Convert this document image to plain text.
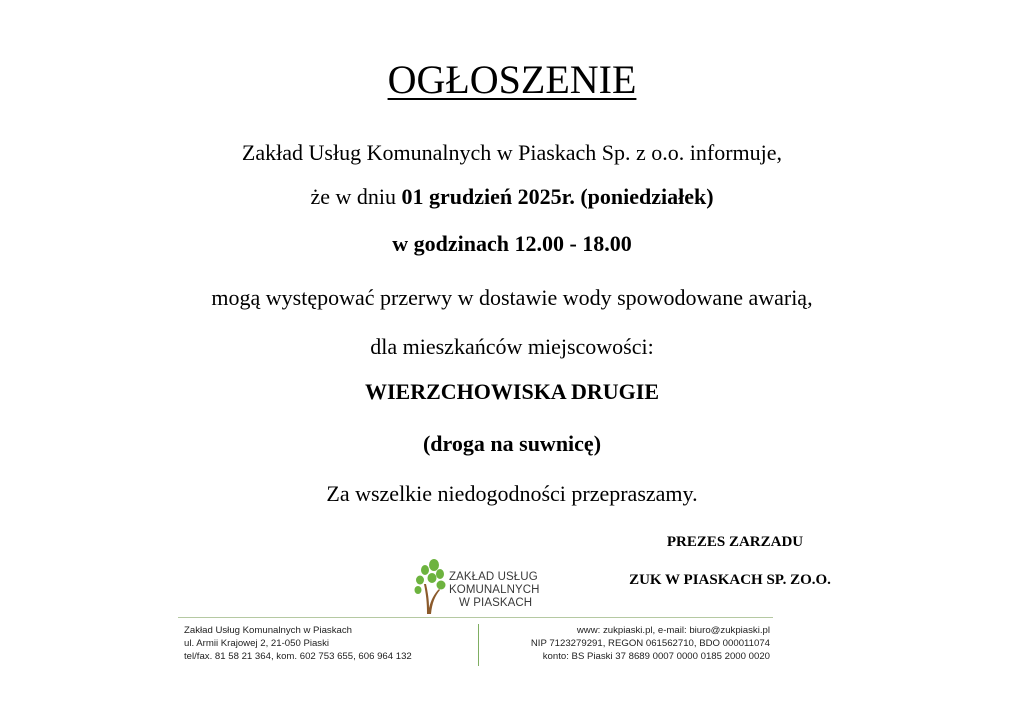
OGŁOSZENIE
Zakład Usług Komunalnych w Piaskach Sp. z o.o. informuje,
że w dniu 01 grudzień 2025r. (poniedziałek)
w godzinach 12.00 - 18.00
mogą występować przerwy w dostawie wody spowodowane awarią,
dla mieszkańców miejscowości:
WIERZCHOWISKA DRUGIE
(droga na suwnicę)
Za wszelkie niedogodności przepraszamy.
PREZES ZARZADU
ZUK W PIASKACH SP. ZO.O.
ZAKŁAD USŁUG
KOMUNALNYCH
W PIASKACH
Zakład Usług Komunalnych w Piaskach
ul. Armii Krajowej 2, 21-050 Piaski
tel/fax. 81 58 21 364, kom. 602 753 655, 606 964 132
www: zukpiaski.pl, e-mail: biuro@zukpiaski.pl
NIP 7123279291, REGON 061562710, BDO 000011074
konto: BS Piaski 37 8689 0007 0000 0185 2000 0020
